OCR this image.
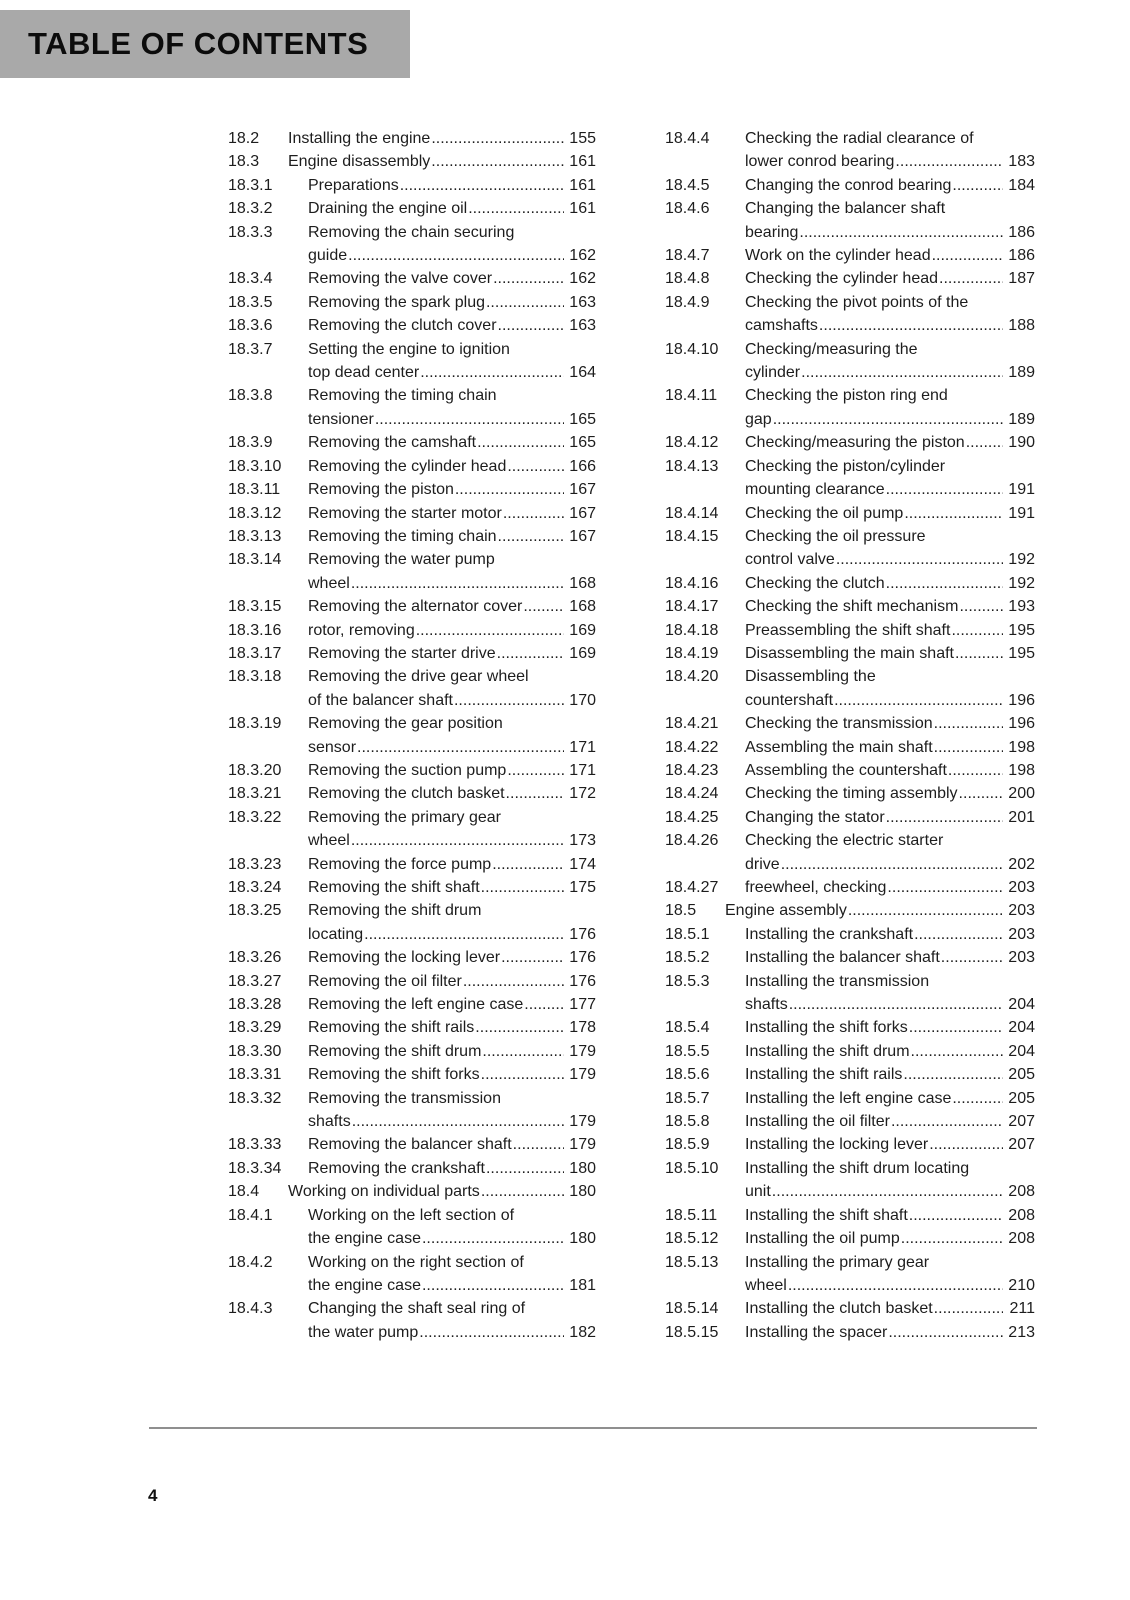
TABLE OF CONTENTS
18.2	Installing the engine .....	155
18.3	Engine disassembly .....	161
18.3.1	Preparations .....	161
18.3.2	Draining the engine oil .....	161
18.3.3	Removing the chain securing
guide .....	162
18.3.4	Removing the valve cover .....	162
18.3.5	Removing the spark plug .....	163
18.3.6	Removing the clutch cover .....	163
18.3.7	Setting the engine to ignition
top dead center .....	164
18.3.8	Removing the timing chain
tensioner .....	165
18.3.9	Removing the camshaft .....	165
18.3.10	Removing the cylinder head .....	166
18.3.11	Removing the piston .....	167
18.3.12	Removing the starter motor .....	167
18.3.13	Removing the timing chain .....	167
18.3.14	Removing the water pump
wheel .....	168
18.3.15	Removing the alternator cover .....	168
18.3.16	rotor, removing .....	169
18.3.17	Removing the starter drive .....	169
18.3.18	Removing the drive gear wheel
of the balancer shaft .....	170
18.3.19	Removing the gear position
sensor .....	171
18.3.20	Removing the suction pump .....	171
18.3.21	Removing the clutch basket .....	172
18.3.22	Removing the primary gear
wheel .....	173
18.3.23	Removing the force pump .....	174
18.3.24	Removing the shift shaft .....	175
18.3.25	Removing the shift drum
locating .....	176
18.3.26	Removing the locking lever .....	176
18.3.27	Removing the oil filter .....	176
18.3.28	Removing the left engine case .....	177
18.3.29	Removing the shift rails .....	178
18.3.30	Removing the shift drum .....	179
18.3.31	Removing the shift forks .....	179
18.3.32	Removing the transmission
shafts .....	179
18.3.33	Removing the balancer shaft .....	179
18.3.34	Removing the crankshaft .....	180
18.4	Working on individual parts .....	180
18.4.1	Working on the left section of
the engine case .....	180
18.4.2	Working on the right section of
the engine case .....	181
18.4.3	Changing the shaft seal ring of
the water pump .....	182
18.4.4	Checking the radial clearance of
lower conrod bearing .....	183
18.4.5	Changing the conrod bearing .....	184
18.4.6	Changing the balancer shaft
bearing .....	186
18.4.7	Work on the cylinder head .....	186
18.4.8	Checking the cylinder head .....	187
18.4.9	Checking the pivot points of the
camshafts .....	188
18.4.10	Checking/measuring the
cylinder .....	189
18.4.11	Checking the piston ring end
gap .....	189
18.4.12	Checking/measuring the piston .....	190
18.4.13	Checking the piston/cylinder
mounting clearance .....	191
18.4.14	Checking the oil pump .....	191
18.4.15	Checking the oil pressure
control valve .....	192
18.4.16	Checking the clutch .....	192
18.4.17	Checking the shift mechanism .....	193
18.4.18	Preassembling the shift shaft .....	195
18.4.19	Disassembling the main shaft .....	195
18.4.20	Disassembling the
countershaft .....	196
18.4.21	Checking the transmission .....	196
18.4.22	Assembling the main shaft .....	198
18.4.23	Assembling the countershaft .....	198
18.4.24	Checking the timing assembly .....	200
18.4.25	Changing the stator .....	201
18.4.26	Checking the electric starter
drive .....	202
18.4.27	freewheel, checking .....	203
18.5	Engine assembly .....	203
18.5.1	Installing the crankshaft .....	203
18.5.2	Installing the balancer shaft .....	203
18.5.3	Installing the transmission
shafts .....	204
18.5.4	Installing the shift forks .....	204
18.5.5	Installing the shift drum .....	204
18.5.6	Installing the shift rails .....	205
18.5.7	Installing the left engine case .....	205
18.5.8	Installing the oil filter .....	207
18.5.9	Installing the locking lever .....	207
18.5.10	Installing the shift drum locating
unit .....	208
18.5.11	Installing the shift shaft .....	208
18.5.12	Installing the oil pump .....	208
18.5.13	Installing the primary gear
wheel .....	210
18.5.14	Installing the clutch basket .....	211
18.5.15	Installing the spacer .....	213
4
